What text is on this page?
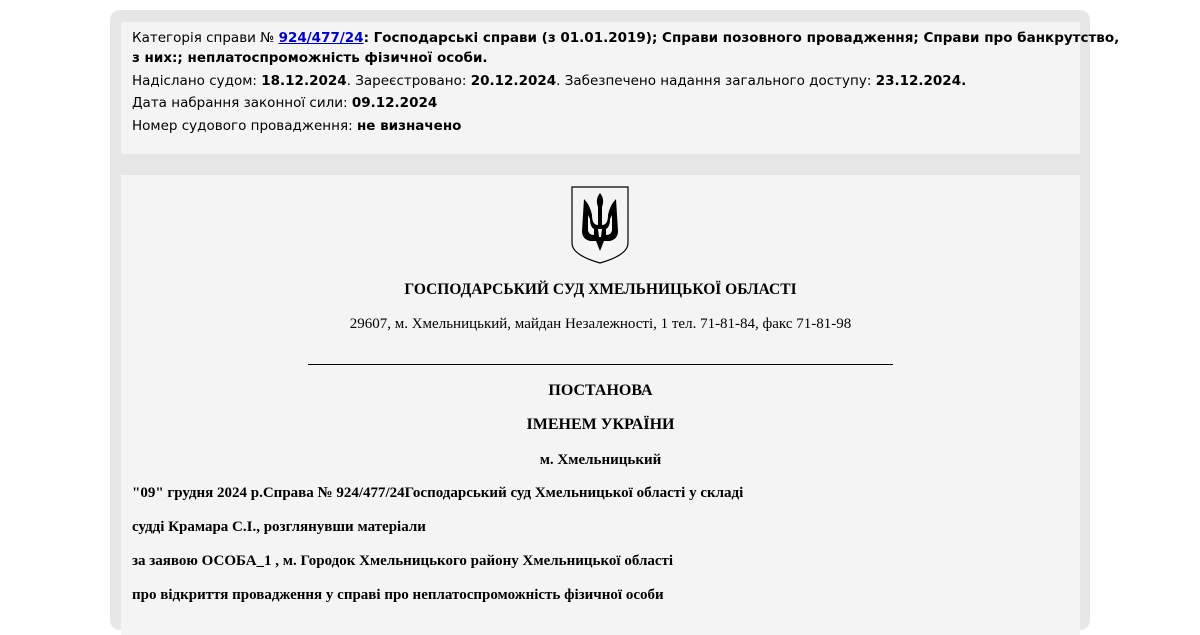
Категорія справи № 924/477/24: Господарські справи (з 01.01.2019); Справи позовного провадження; Справи про банкрутство,
з них:; неплатоспроможність фізичної особи.
Надіслано судом: 18.12.2024. Зареєстровано: 20.12.2024. Забезпечено надання загального доступу: 23.12.2024.
Дата набрання законної сили: 09.12.2024
Номер судового провадження: не визначено
ГОСПОДАРСЬКИЙ СУД ХМЕЛЬНИЦЬКОЇ ОБЛАСТІ
29607, м. Хмельницький, майдан Незалежності, 1 тел. 71-81-84, факс 71-81-98
ПОСТАНОВА
ІМЕНЕМ УКРАЇНИ
м. Хмельницький
"09" грудня 2024 р.Справа № 924/477/24Господарський суд Хмельницької області у складі
судді Крамара С.І., розглянувши матеріали
за заявою ОСОБА_1 , м. Городок Хмельницького району Хмельницької області
про відкриття провадження у справі про неплатоспроможність фізичної особи
